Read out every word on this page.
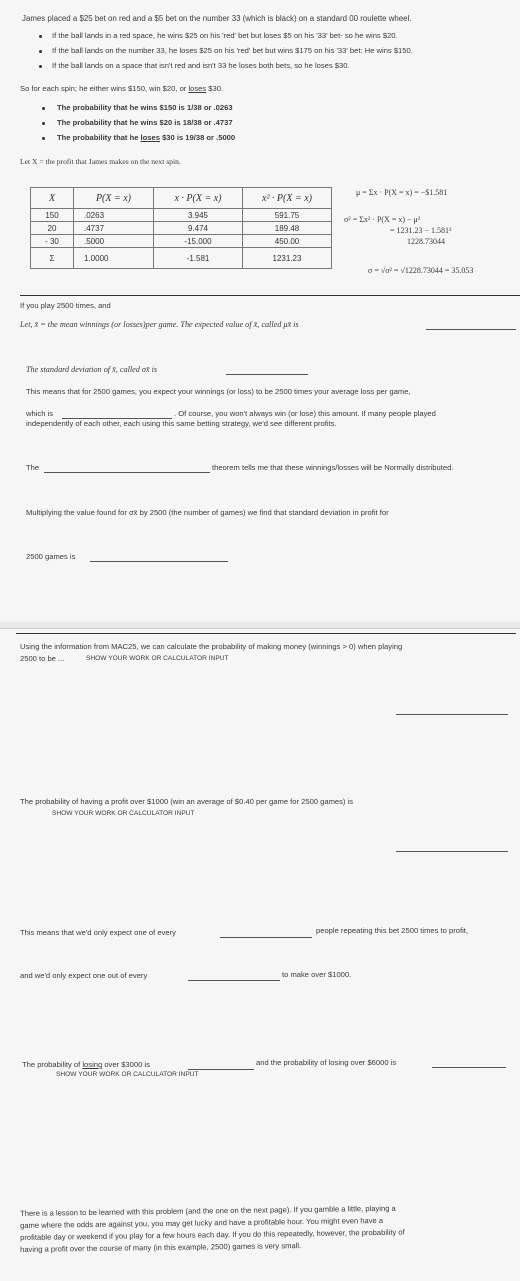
James placed a $25 bet on red and a $5 bet on the number 33 (which is black) on a standard 00 roulette wheel.
If the ball lands in a red space, he wins $25 on his 'red' bet but loses $5 on his '33' bet- so he wins $20.
If the ball lands on the number 33, he loses $25 on his 'red' bet but wins $175 on his '33' bet: He wins $150.
If the ball lands on a space that isn't red and isn't 33 he loses both bets, so he loses $30.
So for each spin; he either wins $150, win $20, or loses $30.
The probability that he wins $150 is 1/38 or .0263
The probability that he wins $20 is 18/38 or .4737
The probability that he loses $30 is 19/38 or .5000
Let X = the profit that James makes on the next spin.
X	P(X = x)	x · P(X = x)	x² · P(X = x)
150	.0263	3.945	591.75
20	.4737	9.474	189.48
- 30	.5000	-15.000	450.00
Σ	1.0000	-1.581	1231.23
μ = Σx · P(X = x) = −$1.581
σ² = Σx² · P(X = x) − μ²
= 1231.23 − 1.581²
1228.73044
σ = √σ² = √1228.73044 = 35.053
If you play 2500 times, and
Let, x̄ = the mean winnings (or losses)per game. The expected value of x̄, called μx̄ is
The standard deviation of x̄, called σx̄ is
This means that for 2500 games, you expect your winnings (or loss) to be 2500 times your average loss per game,
which is	. Of course, you won't always win (or lose) this amount. If many people played
independently of each other, each using this same betting strategy, we'd see different profits.
The	theorem tells me that these winnings/losses will be Normally distributed.
Multiplying the value found for σx̄ by 2500 (the number of games) we find that standard deviation in profit for
2500 games is
Using the information from MAC25, we can calculate the probability of making money (winnings > 0) when playing
2500 to be ...	SHOW YOUR WORK OR CALCULATOR INPUT
The probability of having a profit over $1000 (win an average of $0.40 per game for 2500 games) is
SHOW YOUR WORK OR CALCULATOR INPUT
This means that we'd only expect one of every	people repeating this bet 2500 times to profit,
and we'd only expect one out of every	to make over $1000.
The probability of losing over $3000 is	and the probability of losing over $6000 is
SHOW YOUR WORK OR CALCULATOR INPUT
There is a lesson to be learned with this problem (and the one on the next page). If you gamble a little, playing a
game where the odds are against you, you may get lucky and have a profitable hour. You might even have a
profitable day or weekend if you play for a few hours each day. If you do this repeatedly, however, the probability of
having a profit over the course of many (in this example, 2500) games is very small.
